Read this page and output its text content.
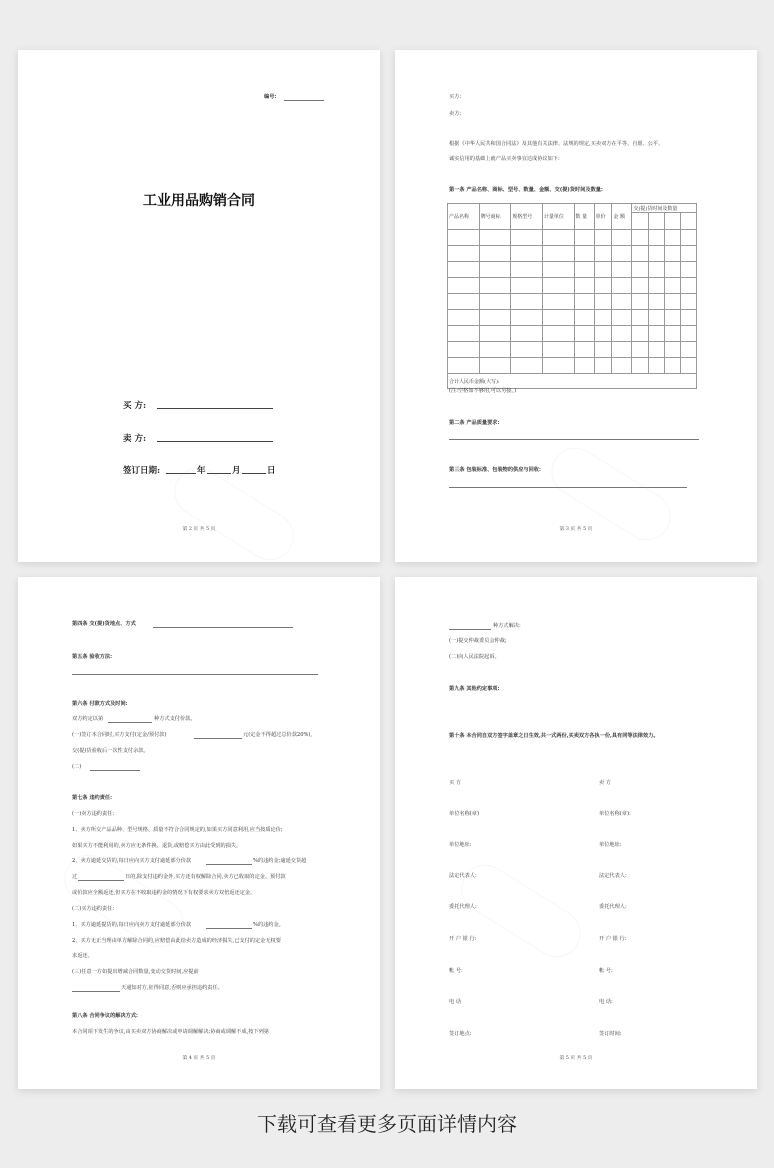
编号:
工业用品购销合同
买 方:
卖 方:
签订日期:	年	月	日
第 2 页 共 5 页
买方:
卖方:
根据《中华人民共和国合同法》及其他有关法律、法规的规定,买卖双方在平等、自愿、公平、
诚实信用的基础上就产品买卖事宜达成协议如下:
第一条 产品名称、商标、型号、数量、金额、交(提)货时间及数量:
产品名称	牌号商标	规格型号	计量单位	数 量	单价	金 额	交(提)货时间及数量			

合计人民币金额(大写):										
(注:空格如不够用,可以另接。)
第二条 产品质量要求:
第三条 包装标准、包装物的供应与回收:
第 3 页 共 5 页
第四条 交(提)货地点、方式
第五条 验收方法:
第六条 付款方式及时间:
双方约定以第	种方式支付价款。
(一)签订本合同时,买方支付(定金/预付款)	元(定金不得超过总价款20%),
交(提)货验收后一次性支付余款。
(二)
第七条 违约责任:
(一)卖方违约责任:
1、卖方所交产品品种、型号规格、质量不符合合同规定的,如果买方同意利用,应当按质论价;
如果买方不能利用的,卖方应无条件换、退货,或赔偿买方由此受到的损失。
2、卖方逾延交货的,每日应向买方支付逾延部分价款	%的违约金;逾延交货超
过	日的,除支付违约金外,买方还有权解除合同,卖方已收取的定金、预付款
或价款应全额返还,但买方在不收取违约金的情况下有权要求卖方双倍返还定金。
(二)买方违约责任:
1、买方逾延提货的,每日应向卖方支付逾延部分价款	%的违约金。
2、买方无正当理由单方解除合同的,应赔偿由此给卖方造成的经济损失,已支付的定金无权要
求返还。
(三)任意一方如提出增减合同数量,变动交货时间,应提前
天通知对方,征得同意,否则应承担违约责任。
第八条 合同争议的解决方式:
本合同项下发生的争议,由买卖双方协商解决或申请调解解决;协商或调解不成,按下列第
第 4 页 共 5 页
种方式解决:
(一)提交仲裁委员会仲裁;
(二)向人民法院起诉。
第九条 其他约定事项:
第十条 本合同自双方签字盖章之日生效,共一式两份,买卖双方各执一份,具有同等法律效力。
买 方	卖 方
单位名称(章)	单位名称(章):
单位地址:	单位地址:
法定代表人:	法定代表人:
委托代理人:	委托代理人:
开 户 银 行:	开 户 银 行:
帐 号:	帐 号:
电 话	电 话:
签订地点:	签订时间:
第 5 页 共 5 页
下载可查看更多页面详情内容
